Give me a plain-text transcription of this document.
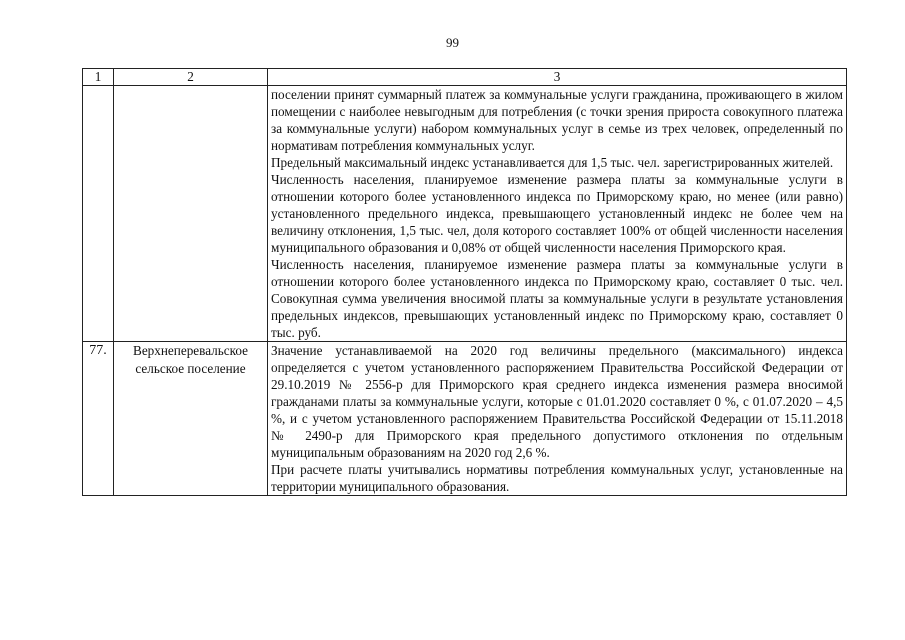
99
1	2	3

		поселении принят суммарный платеж за коммунальные услуги гражданина, проживающего в жилом помещении с наиболее невыгодным для потребления (с точки зрения прироста совокупного платежа за коммунальные услуги) набором коммунальных услуг в семье из трех человек, определенный по нормативам потребления коммунальных услуг.

Предельный максимальный индекс устанавливается для 1,5 тыс. чел. зарегистрированных жителей.

Численность населения, планируемое изменение размера платы за коммунальные услуги в отношении которого более установленного индекса по Приморскому краю, но менее (или равно) установленного предельного индекса, превышающего установленный индекс не более чем на величину отклонения, 1,5 тыс. чел, доля которого составляет 100% от общей численности населения муниципального образования и 0,08% от общей численности населения Приморского края.

Численность населения, планируемое изменение размера платы за коммунальные услуги в отношении которого более установленного индекса по Приморскому краю, составляет 0 тыс. чел. Совокупная сумма увеличения вносимой платы за коммунальные услуги в результате установления предельных индексов, превышающих установленный индекс по Приморскому краю, составляет 0 тыс. руб.

77.	Верхнеперевальское сельское поселение	Значение устанавливаемой на 2020 год величины предельного (максимального) индекса определяется с учетом установленного распоряжением Правительства Российской Федерации от 29.10.2019 № 2556-р для Приморского края среднего индекса изменения размера вносимой гражданами платы за коммунальные услуги, которые с 01.01.2020 составляет 0 %, с 01.07.2020 – 4,5 %, и с учетом установленного распоряжением Правительства Российской Федерации от 15.11.2018 № 2490-р для Приморского края предельного допустимого отклонения по отдельным муниципальным образованиям на 2020 год 2,6 %.

При расчете платы учитывались нормативы потребления коммунальных услуг, установленные на территории муниципального образования.
